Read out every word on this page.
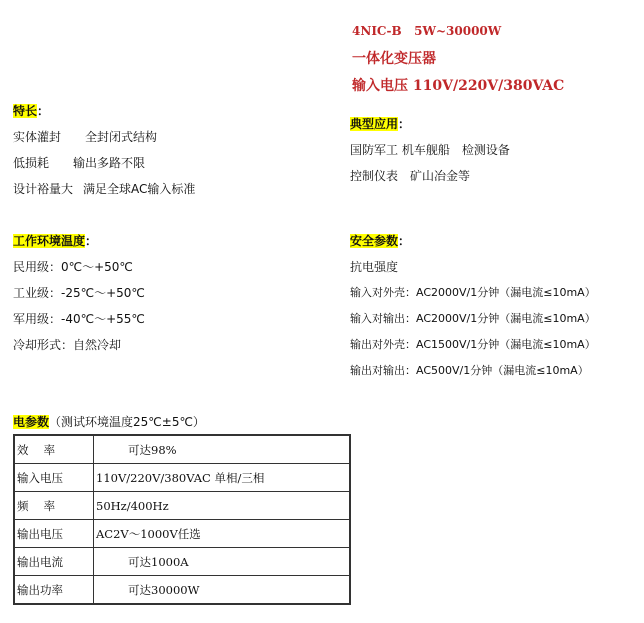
4NIC-B 5W~30000W
一体化变压器
输入电压 110V/220V/380VAC
特长：
实体灌封 全封闭式结构
低损耗 输出多路不限
设计裕量大 满足全球AC输入标准
典型应用：
国防军工 机车舰船 检测设备
控制仪表 矿山冶金等
工作环境温度：
民用级：0℃～+50℃
工业级：-25℃～+50℃
军用级：-40℃～+55℃
冷却形式：自然冷却
安全参数：
抗电强度
输入对外壳：AC2000V/1分钟（漏电流≤10mA）
输入对输出：AC2000V/1分钟（漏电流≤10mA）
输出对外壳：AC1500V/1分钟（漏电流≤10mA）
输出对输出：AC500V/1分钟（漏电流≤10mA）
电参数（测试环境温度25℃±5℃）
效　 率	可达98%
输入电压	110V/220V/380VAC 单相/三相
频　 率	50Hz/400Hz
输出电压	AC2V～1000V任选
输出电流	可达1000A
输出功率	可达30000W
